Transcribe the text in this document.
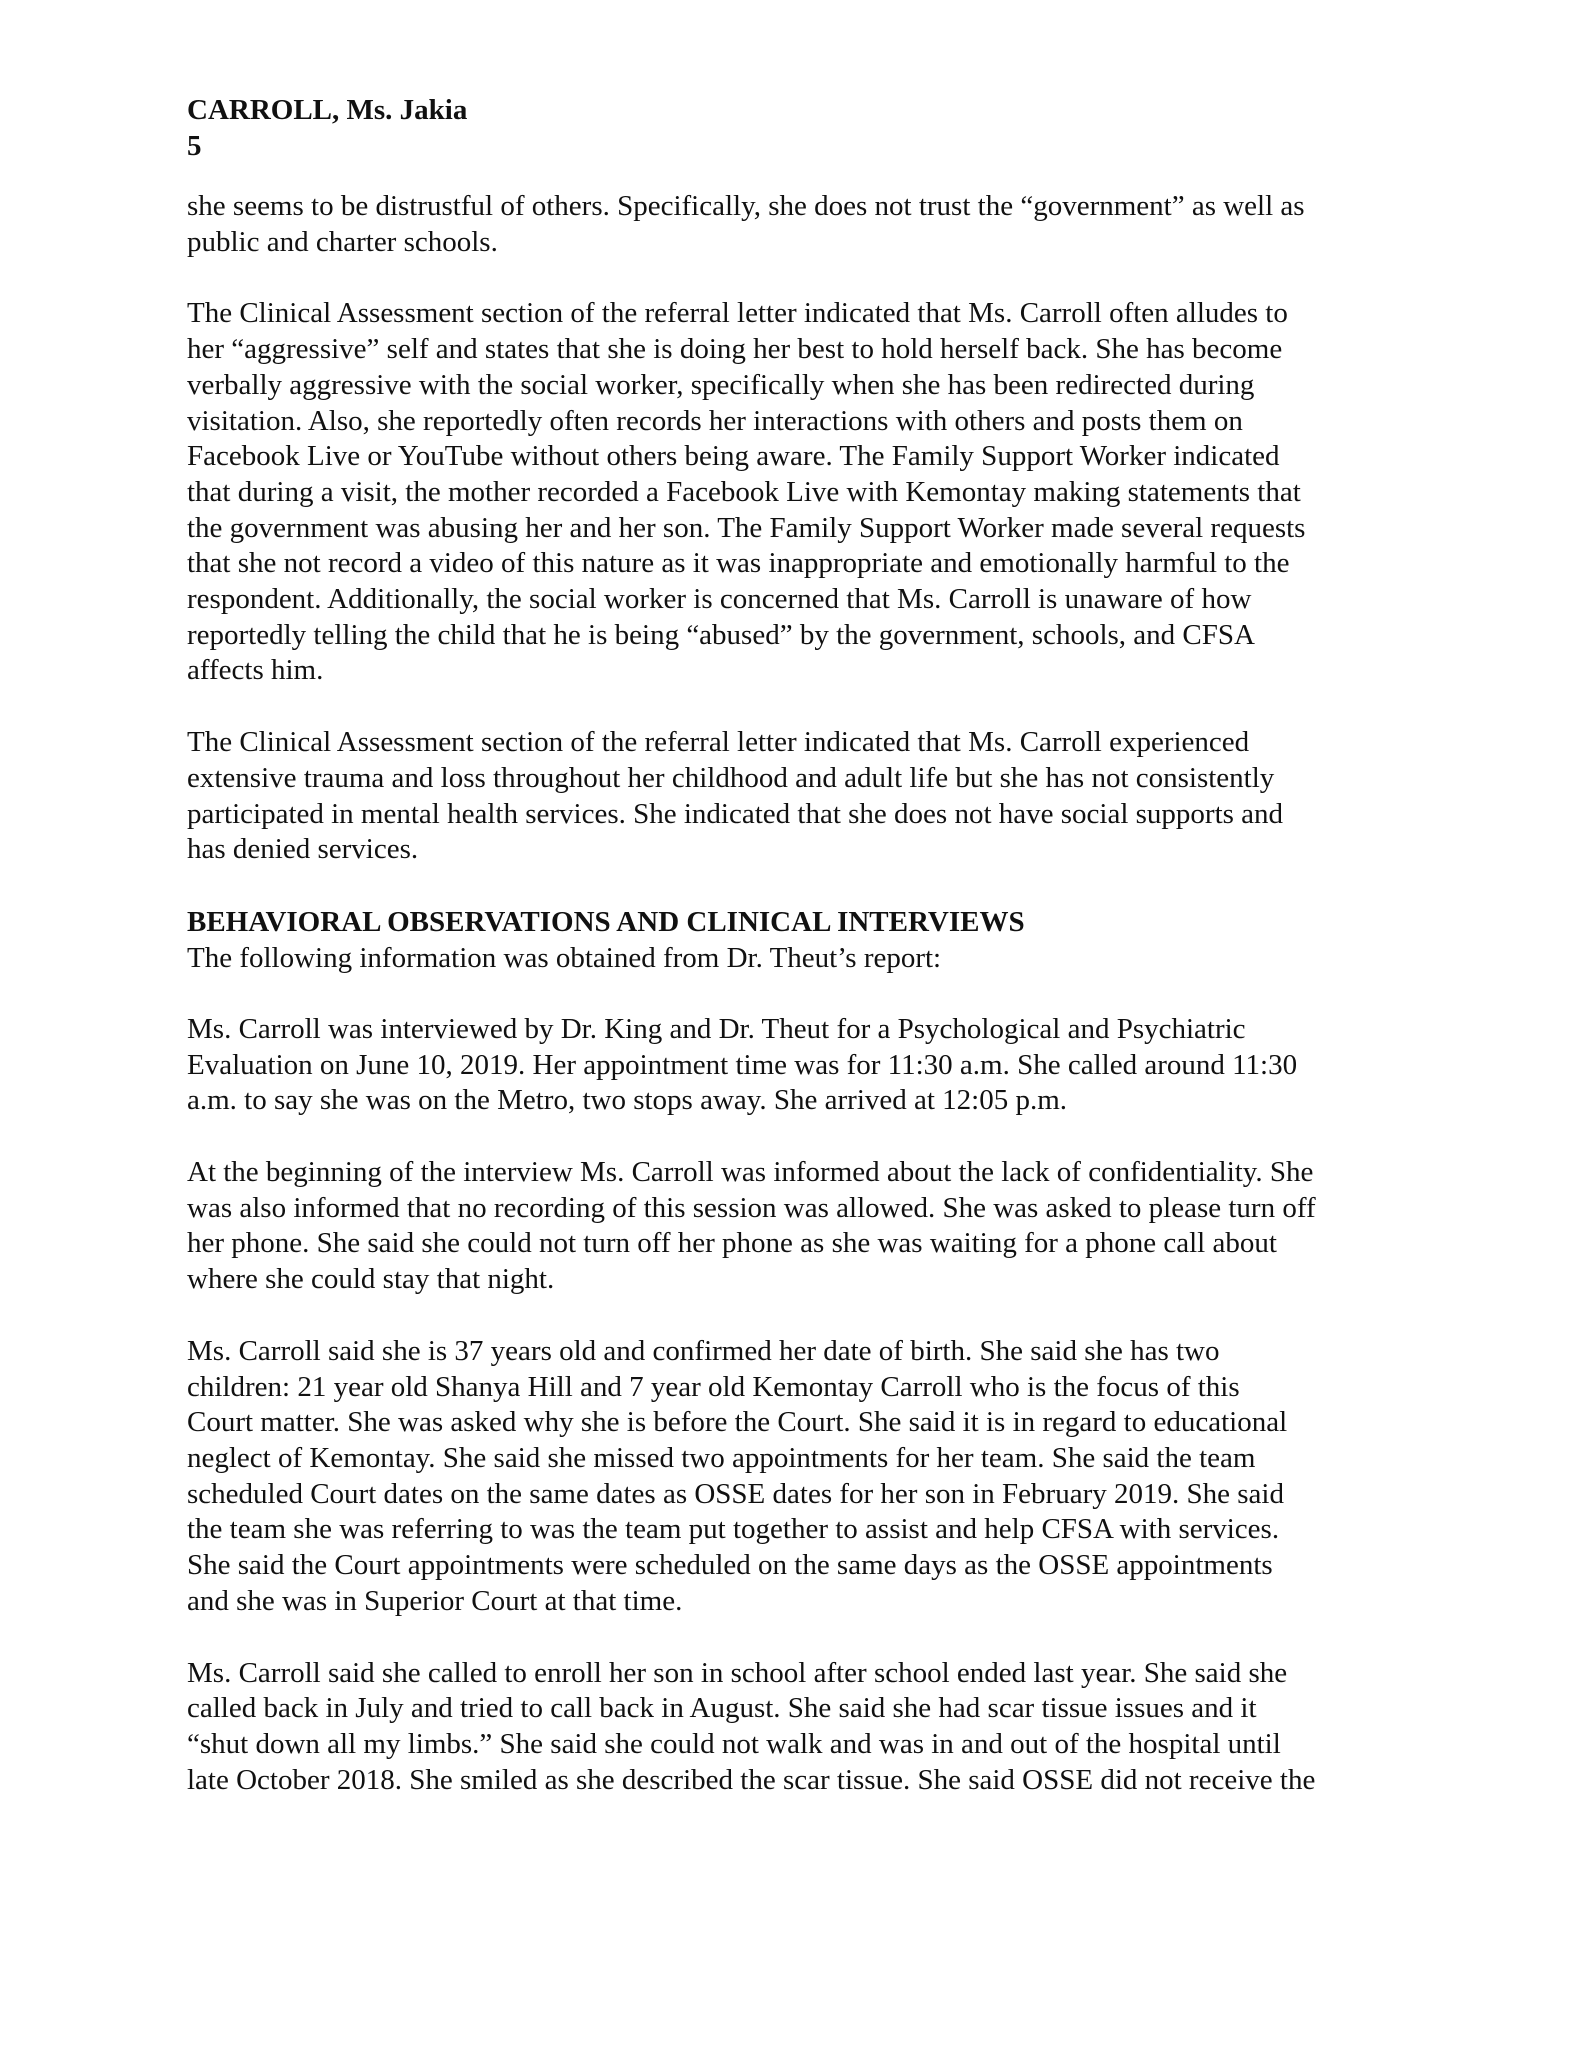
CARROLL, Ms. Jakia
5
she seems to be distrustful of others. Specifically, she does not trust the “government” as well as
public and charter schools.
The Clinical Assessment section of the referral letter indicated that Ms. Carroll often alludes to
her “aggressive” self and states that she is doing her best to hold herself back. She has become
verbally aggressive with the social worker, specifically when she has been redirected during
visitation. Also, she reportedly often records her interactions with others and posts them on
Facebook Live or YouTube without others being aware. The Family Support Worker indicated
that during a visit, the mother recorded a Facebook Live with Kemontay making statements that
the government was abusing her and her son. The Family Support Worker made several requests
that she not record a video of this nature as it was inappropriate and emotionally harmful to the
respondent. Additionally, the social worker is concerned that Ms. Carroll is unaware of how
reportedly telling the child that he is being “abused” by the government, schools, and CFSA
affects him.
The Clinical Assessment section of the referral letter indicated that Ms. Carroll experienced
extensive trauma and loss throughout her childhood and adult life but she has not consistently
participated in mental health services. She indicated that she does not have social supports and
has denied services.
BEHAVIORAL OBSERVATIONS AND CLINICAL INTERVIEWS
The following information was obtained from Dr. Theut’s report:
Ms. Carroll was interviewed by Dr. King and Dr. Theut for a Psychological and Psychiatric
Evaluation on June 10, 2019. Her appointment time was for 11:30 a.m. She called around 11:30
a.m. to say she was on the Metro, two stops away. She arrived at 12:05 p.m.
At the beginning of the interview Ms. Carroll was informed about the lack of confidentiality. She
was also informed that no recording of this session was allowed. She was asked to please turn off
her phone. She said she could not turn off her phone as she was waiting for a phone call about
where she could stay that night.
Ms. Carroll said she is 37 years old and confirmed her date of birth. She said she has two
children: 21 year old Shanya Hill and 7 year old Kemontay Carroll who is the focus of this
Court matter. She was asked why she is before the Court. She said it is in regard to educational
neglect of Kemontay. She said she missed two appointments for her team. She said the team
scheduled Court dates on the same dates as OSSE dates for her son in February 2019. She said
the team she was referring to was the team put together to assist and help CFSA with services.
She said the Court appointments were scheduled on the same days as the OSSE appointments
and she was in Superior Court at that time.
Ms. Carroll said she called to enroll her son in school after school ended last year. She said she
called back in July and tried to call back in August. She said she had scar tissue issues and it
“shut down all my limbs.” She said she could not walk and was in and out of the hospital until
late October 2018. She smiled as she described the scar tissue. She said OSSE did not receive the
